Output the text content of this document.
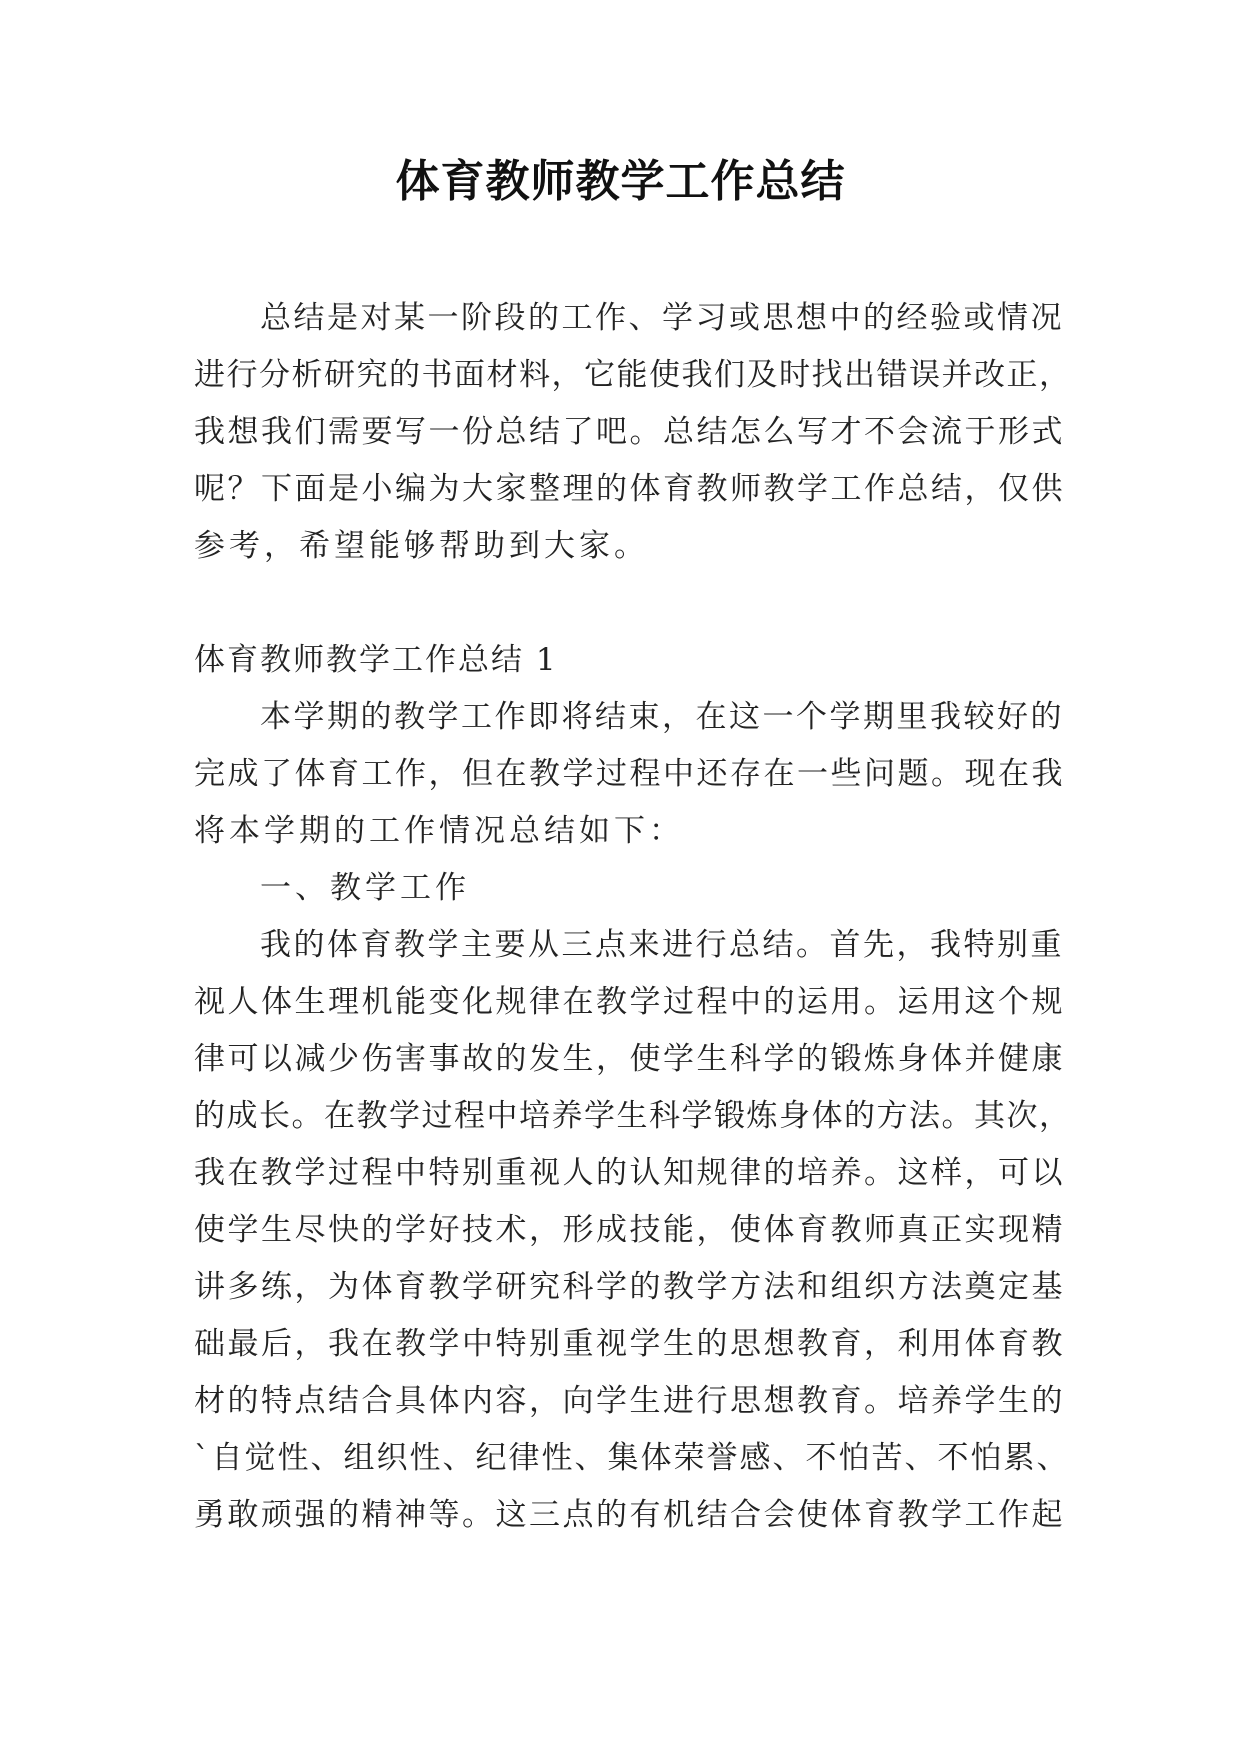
体育教师教学工作总结
总结是对某一阶段的工作、学习或思想中的经验或情况
进行分析研究的书面材料，它能使我们及时找出错误并改正，
我想我们需要写一份总结了吧。总结怎么写才不会流于形式
呢？下面是小编为大家整理的体育教师教学工作总结，仅供
参考，希望能够帮助到大家。
体育教师教学工作总结 1
本学期的教学工作即将结束，在这一个学期里我较好的
完成了体育工作，但在教学过程中还存在一些问题。现在我
将本学期的工作情况总结如下：
一、教学工作
我的体育教学主要从三点来进行总结。首先，我特别重
视人体生理机能变化规律在教学过程中的运用。运用这个规
律可以减少伤害事故的发生，使学生科学的锻炼身体并健康
的成长。在教学过程中培养学生科学锻炼身体的方法。其次，
我在教学过程中特别重视人的认知规律的培养。这样，可以
使学生尽快的学好技术，形成技能，使体育教师真正实现精
讲多练，为体育教学研究科学的教学方法和组织方法奠定基
础最后，我在教学中特别重视学生的思想教育，利用体育教
材的特点结合具体内容，向学生进行思想教育。培养学生的
`自觉性、组织性、纪律性、集体荣誉感、不怕苦、不怕累、
勇敢顽强的精神等。这三点的有机结合会使体育教学工作起
